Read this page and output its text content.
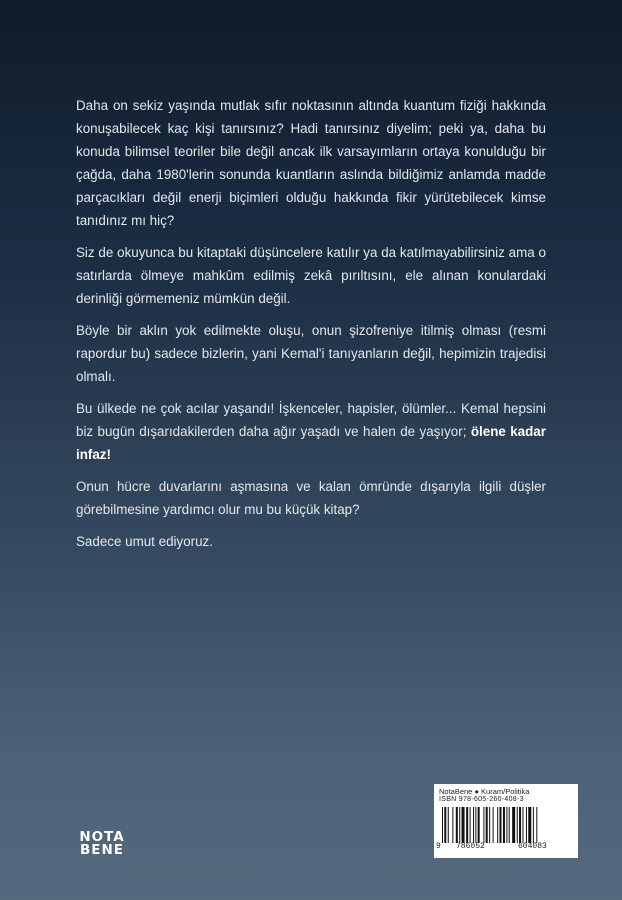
Daha on sekiz yaşında mutlak sıfır noktasının altında kuantum fiziği hakkında konuşabilecek kaç kişi tanırsınız? Hadi tanırsınız diyelim; peki ya, daha bu konuda bilimsel teoriler bile değil ancak ilk varsayımların ortaya konulduğu bir çağda, daha 1980'lerin sonunda kuantların aslında bildiğimiz anlamda madde parçacıkları değil enerji biçimleri olduğu hakkında fikir yürütebilecek kimse tanıdınız mı hiç?

Siz de okuyunca bu kitaptaki düşüncelere katılır ya da katılmayabilirsiniz ama o satırlarda ölmeye mahkûm edilmiş zekâ pırıltısını, ele alınan konulardaki derinliği görmemeniz mümkün değil.

Böyle bir aklın yok edilmekte oluşu, onun şizofreniye itilmiş olması (resmi rapordur bu) sadece bizlerin, yani Kemal'i tanıyanların değil, hepimizin trajedisi olmalı.

Bu ülkede ne çok acılar yaşandı! İşkenceler, hapisler, ölümler... Kemal hepsini biz bugün dışarıdakilerden daha ağır yaşadı ve halen de yaşıyor; ölene kadar infaz!

Onun hücre duvarlarını aşmasına ve kalan ömründe dışarıyla ilgili düşler görebilmesine yardımcı olur mu bu küçük kitap?

Sadece umut ediyoruz.

NOTA
BENE
NotaBene ● Kuram/Politika
ISBN 978-605-260-408-3
9 786052	604083
